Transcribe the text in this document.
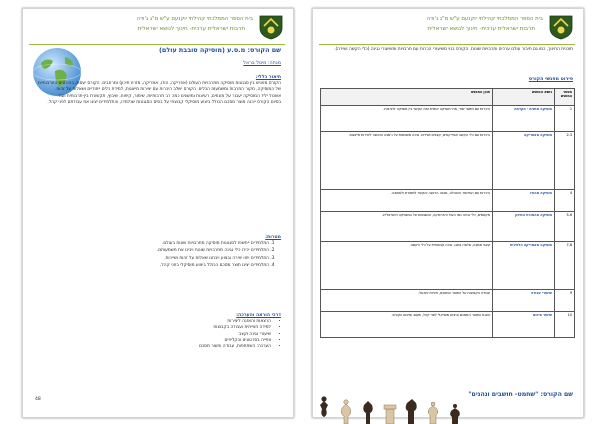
בית הספר הממלכתי קהילתי יוקנעם ע"ש מ"ג ג'ודה
תרבות ישראלית ערכית- חינוך לנושא ישראלית
שם הקורס: מ.ס.ע (מוסיקה סובבת עולם)
מנחה: מיטל בראל
תיאור כללי:
הקורס מפגיש בין סגנונות מוסיקה מתרבויות העולם (אפריקה, הודו, אמריקה, מזרח תיכון) ומרחבים. הקורס יעסוק בהיבטים התרבותיים של המוסיקה, מקור התרבות ומשמעות הכלים. הקורס ישלב היכרות עם יצירות מייצגות, למידת כלים ייחודיים ושאלות על זהות.
אשכול יליד המוסיקה יעבור על מונחים, רעיונות ומושגים כמו: רב תרבותיות, שימור, קיפוח, שיבוץ, תקשורת בין-תרבותית ועוד.
בסיום הקורס ייבנה מוצר מסכם הכולל ביצוע מוסיקלי קבוצתי על בסיס הסגנונות שנלמדו, והתלמידים יציגו את עבודתם לפני קהל.
מטרות:
1. התלמידים ייחשפו לסגנונות מוסיקה מתרבויות שונות בעולם.
2. התלמידים יכירו כלי נגינה מתרבויות שונות ויבינו את משמעותם.
3. התלמידים יחוו יצירה ובצוע ויבחנו שאלות על זהות ושייכות.
4. התלמידים יציגו תוצר מסכם הכולל ביצוע מוסיקלי בפני קהל.
דרכי הוראה והערכה:
• הרצאות והאזנה ליצירות
• למידה חווייתית ועבודה בקבוצות
• שיעורי נגינה וקצב
• צפייה בסרטונים ובקליפים
• הערכה: השתתפות, עבודה ותוצר מסכם
48
בית הספר הממלכתי קהילתי יוקנעם ע"ש מ"ג ג'ודה
תרבות ישראלית ערכית- חינוך לנושא ישראלית
תוכנית החינוך, כמו גם חיבור עולם ערכים ותרבויות שונות. הקורס בנוי משיעורי הכרות עם תרבויות ומשיעורי נגינה (כלי הקשה ושירה).
פירוט מפגשי הקורס
מספר המפגש	נושא המפגש	תוכן המפגש
1	מוסיקה אתנית - הקדמה	היכרות עם מושגי יסוד, מהי מוסיקה אתנית ומה הקשר בין מוסיקה לתרבות.
2-3	מוסיקה מאפריקה	היכרות עם כלי הקשה אפריקאים, קצבים ושירים. נגינה משותפת על ג'מבה והאזנה ליצירות מייצגות.
4	מוסיקה מהודו	היכרות עם הסיטאר והטבלה, מבנה הראגה והקשר למסורת ולאמונה.
5-6	מוסיקה מהמזרח התיכון	מקאמים, כלי נגינה כמו העוד והדרבוקה, והשפעות על המוסיקה הישראלית.
7-8	מוסיקה מאמריקה הלטינית	קצבי סמבה, סלסה וטנגו, נגינה קבוצתית על כלי הקשה.
9	שיעורי עבודה	עבודה בקבוצות על התוצר המסכם, חזרות ותרגול.
10	שיעור סיכום	הצגת התוצר המסכם וביצוע מוסיקלי לפני קהל, משוב וסיכום הקורס.
שם הקורס: "שחמט- חושבים ונהנים"
